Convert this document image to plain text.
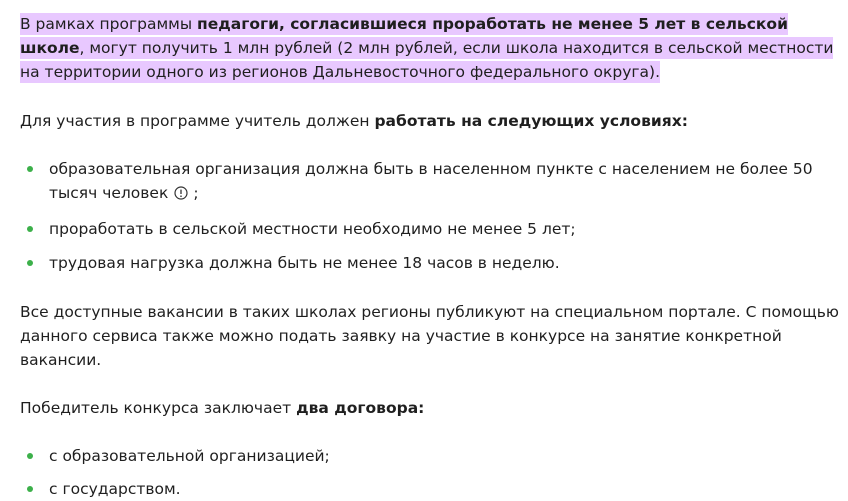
В рамках программы педагоги, согласившиеся проработать не менее 5 лет в сельской школе, могут получить 1 млн рублей (2 млн рублей, если школа находится в сельской местности на территории одного из регионов Дальневосточного федерального округа).

Для участия в программе учитель должен работать на следующих условиях:

образовательная организация должна быть в населенном пункте с населением не более 50 тысяч человек ;
проработать в сельской местности необходимо не менее 5 лет;
трудовая нагрузка должна быть не менее 18 часов в неделю.

Все доступные вакансии в таких школах регионы публикуют на специальном портале. С помощью данного сервиса также можно подать заявку на участие в конкурсе на занятие конкретной вакансии.

Победитель конкурса заключает два договора:

с образовательной организацией;
с государством.
